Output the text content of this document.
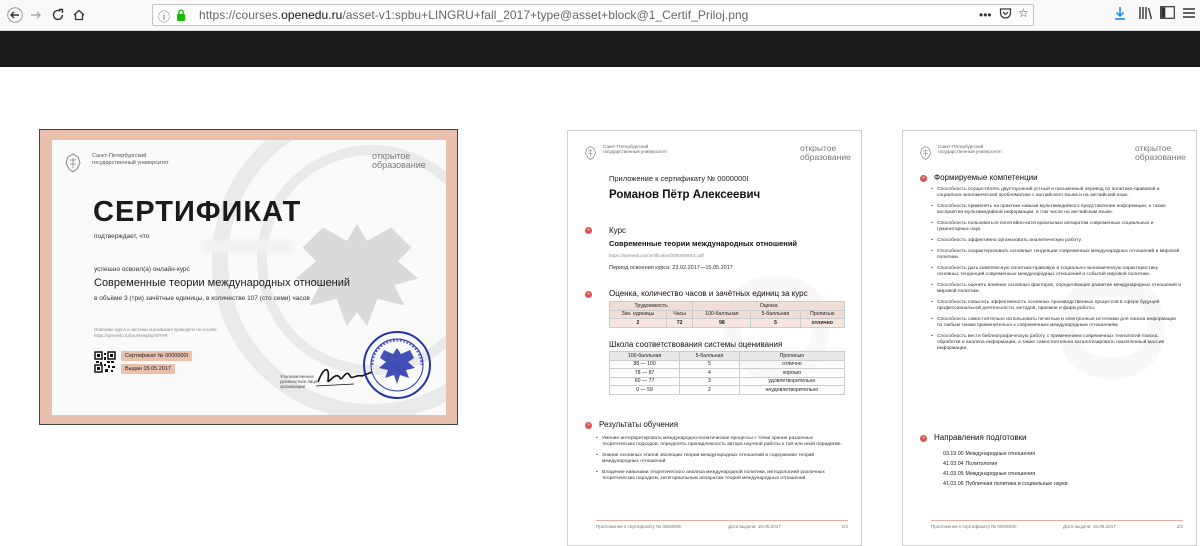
ⓘ https://courses.openedu.ru/asset-v1:spbu+LINGRU+fall_2017+type@asset+block@1_Certif_Priloj.png	••• ☆
Санкт-Петербургский государственный университет
открытое образование
СЕРТИФИКАТ
подтверждает, что
успешно освоил(а) онлайн-курс
Современные теории международных отношений
в объёме 3 (три) зачётные единицы, в количестве 107 (сто семи) часов
Описание курса и системы оценивания приведено по ссылке: https://openedu.ru/course/spbu/INTHR
Сертификат № 0000000I
Выдан 15.05.2017
Уполномоченное должностное лицо организации
Санкт-Петербургский государственный университет	открытое образование
Приложение к сертификату № 0000000I
Романов Пётр Алексеевич
» Курс
Современные теории международных отношений
https://openedu.ru/certificates/0000000001.pdf
Период освоения курса: 23.02.2017—15.05.2017
» Оценка, количество часов и зачётных единиц за курс
Трудоемкость		Оценка		
Зач. единицы	Часы	100-балльная	5-балльная	Прописью
2	72	98	5	отлично
Школа соответствования системы оценивания
100-балльная	5-балльная	Прописью
88 — 100	5	отлично
78 — 87	4	хорошо
60 — 77	3	удовлетворительно
0 — 59	2	неудовлетворительно
»	Результаты обучения
• Умение интерпретировать международно-политические процессы с точки зрения различных теоретических подходов, определять принадлежность автора научной работы к той или иной парадигме.
• Знание основных этапов эволюции теории международных отношений и содержание теорий международных отношений.
• Владение навыками теоретического анализа международной политики, методологией различных теоретических парадигм, категориальным аппаратом теорий международных отношений.
Приложение к сертификату № 0000000I	Дата выдачи: 15.05.2017	1/2
Санкт-Петербургский государственный университет	открытое образование
»	Формируемые компетенции
• Способность осуществлять двусторонний устный и письменный перевод по политико-правовой и социально-экономической проблематике с английского языка и на английский язык.
• Способность применять на практике навыки мультимедийного представления информации, а также восприятия мультимедийной информации, в том числе на английском языке.
• Способность пользоваться понятийно-категориальным аппаратом современных социальных и гуманитарных наук.
• Способность эффективно организовать аналитическую работу.
• Способность охарактеризовать основные тенденции современных международных отношений и мировой политики.
• Способность дать комплексную политико-правовую и социально-экономическую характеристику основных тенденций современных международных отношений и событий мировой политики.
• Способность оценить влияние основных факторов, определяющих развитие международных отношений и мировой политики.
• Способность повысить эффективность основных производственных процессов в сфере будущей профессиональной деятельности, методов, приемов и форм работы.
• Способность самостоятельно использовать печатные и электронные источники для поиска информации по любым темам применительно к современным международным отношениям.
• Способность вести библиографическую работу с применением современных технологий поиска, обработки и анализа информации, а также самостоятельно каталогизировать накопленный массив информации.
»	Направления подготовки
03.19.00 Международные отношения
41.03.04 Политология
41.03.05 Международные отношения
41.03.06 Публичная политика и социальные науки
Приложение к сертификату № 0000000I	Дата выдачи: 15.05.2017	2/2
